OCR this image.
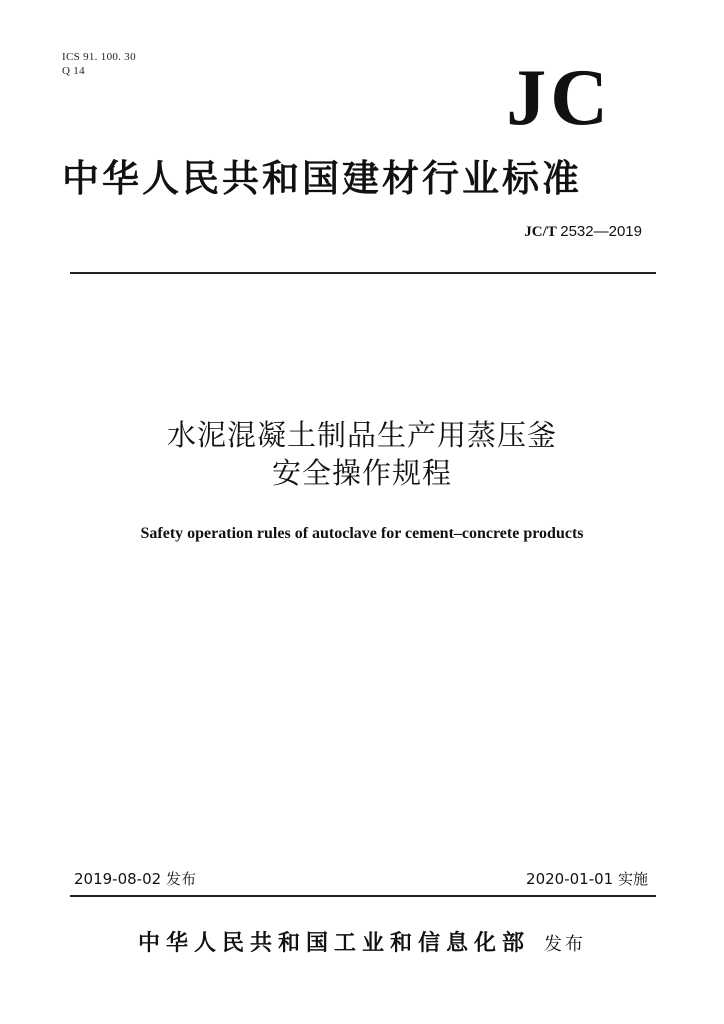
ICS 91. 100. 30
Q 14	JC
中华人民共和国建材行业标准
JC/T 2532—2019
水泥混凝土制品生产用蒸压釜
安全操作规程
Safety operation rules of autoclave for cement–concrete products
2019-08-02 发布	2020-01-01 实施
中华人民共和国工业和信息化部 发布
